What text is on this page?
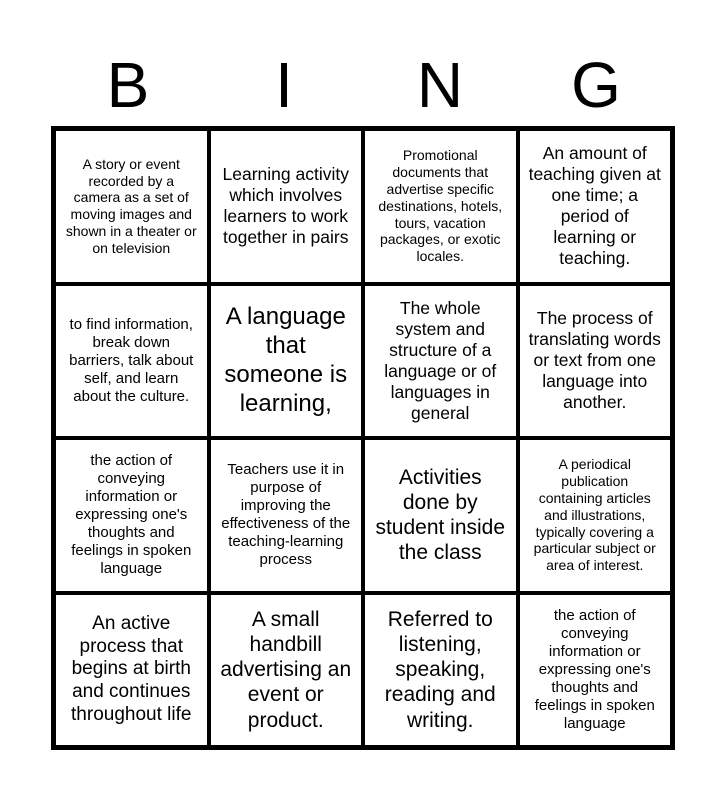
B	I	N	G
A story or event recorded by a camera as a set of moving images and shown in a theater or on television
Learning activity which involves learners to work together in pairs
Promotional documents that advertise specific destinations, hotels, tours, vacation packages, or exotic locales.
An amount of teaching given at one time; a period of learning or teaching.
to find information, break down barriers, talk about self, and learn about the culture.
A language that someone is learning,
The whole system and structure of a language or of languages in general
The process of translating words or text from one language into another.
the action of conveying information or expressing one's thoughts and feelings in spoken language
Teachers use it in purpose of improving the effectiveness of the teaching-learning process
Activities done by student inside the class
A periodical publication containing articles and illustrations, typically covering a particular subject or area of interest.
An active process that begins at birth and continues throughout life
A small handbill advertising an event or product.
Referred to listening, speaking, reading and writing.
the action of conveying information or expressing one's thoughts and feelings in spoken language
